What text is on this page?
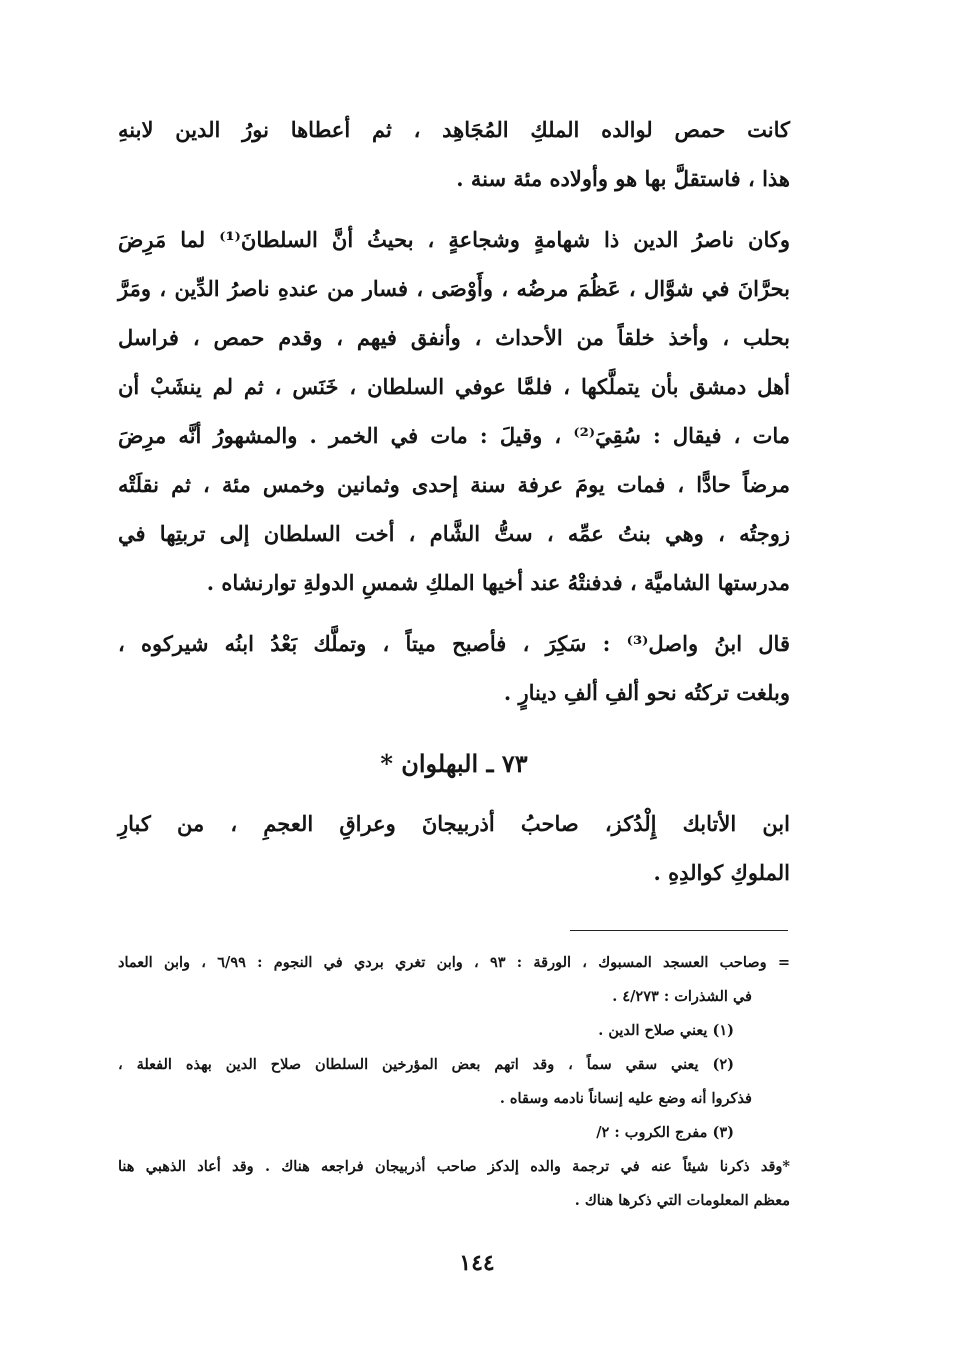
كانت حمص لوالده الملكِ المُجَاهِد ، ثم أعطاها نورُ الدين لابنهِ
هذا ، فاستقلَّ بها هو وأولاده مئة سنة .
وكان ناصرُ الدين ذا شهامةٍ وشجاعةٍ ، بحيثُ أنَّ السلطانَ⁽¹⁾ لما مَرِضَ
بحرَّانَ في شوَّال ، عَظُمَ مرضُه ، وأَوْصَى ، فسار من عندهِ ناصرُ الدِّين ، ومَرَّ
بحلب ، وأخذ خلقاً من الأحداث ، وأنفق فيهم ، وقدم حمص ، فراسل
أهل دمشق بأن يتملَّكها ، فلمَّا عوفي السلطان ، خَنَس ، ثم لم ينشَبْ أن
مات ، فيقال : سُقِيَ⁽²⁾ ، وقيلَ : مات في الخمر . والمشهورُ أنَّه مرِضَ
مرضاً حادًّا ، فمات يومَ عرفة سنة إحدى وثمانين وخمس مئة ، ثم نقلَتْه
زوجتُه ، وهي بنتُ عمِّه ، ستُّ الشَّام ، أخت السلطان إلى تربتِها في
مدرستها الشاميَّة ، فدفنتْهُ عند أخيها الملكِ شمسِ الدولةِ توارنشاه .
قال ابنُ واصل⁽³⁾ : سَكِرَ ، فأصبح ميتاً ، وتملَّك بَعْدُ ابنُه شيركوه ،
وبلغت تركتُه نحو ألفِ ألفِ دينارٍ .
٧٣ ـ البهلوان *
ابن الأتابك إِلْدُكز، صاحبُ أذربيجانَ وعراقِ العجمِ ، من كبارِ
الملوكِ كوالدِهِ .
= وصاحب العسجد المسبوك ، الورقة : ٩٣ ، وابن تغري بردي في النجوم : ٦/٩٩ ، وابن العماد
في الشذرات : ٤/٢٧٣ .
(١) يعني صلاح الدين .
(٢) يعني سقي سماً ، وقد اتهم بعض المؤرخين السلطان صلاح الدين بهذه الفعلة ،
فذكروا أنه وضع عليه إنساناً نادمه وسقاه .
(٣) مفرج الكروب : ٢/
*وقد ذكرنا شيئاً عنه في ترجمة والده إلدكز صاحب أذربيجان فراجعه هناك . وقد أعاد الذهبي هنا
معظم المعلومات التي ذكرها هناك .
١٤٤
